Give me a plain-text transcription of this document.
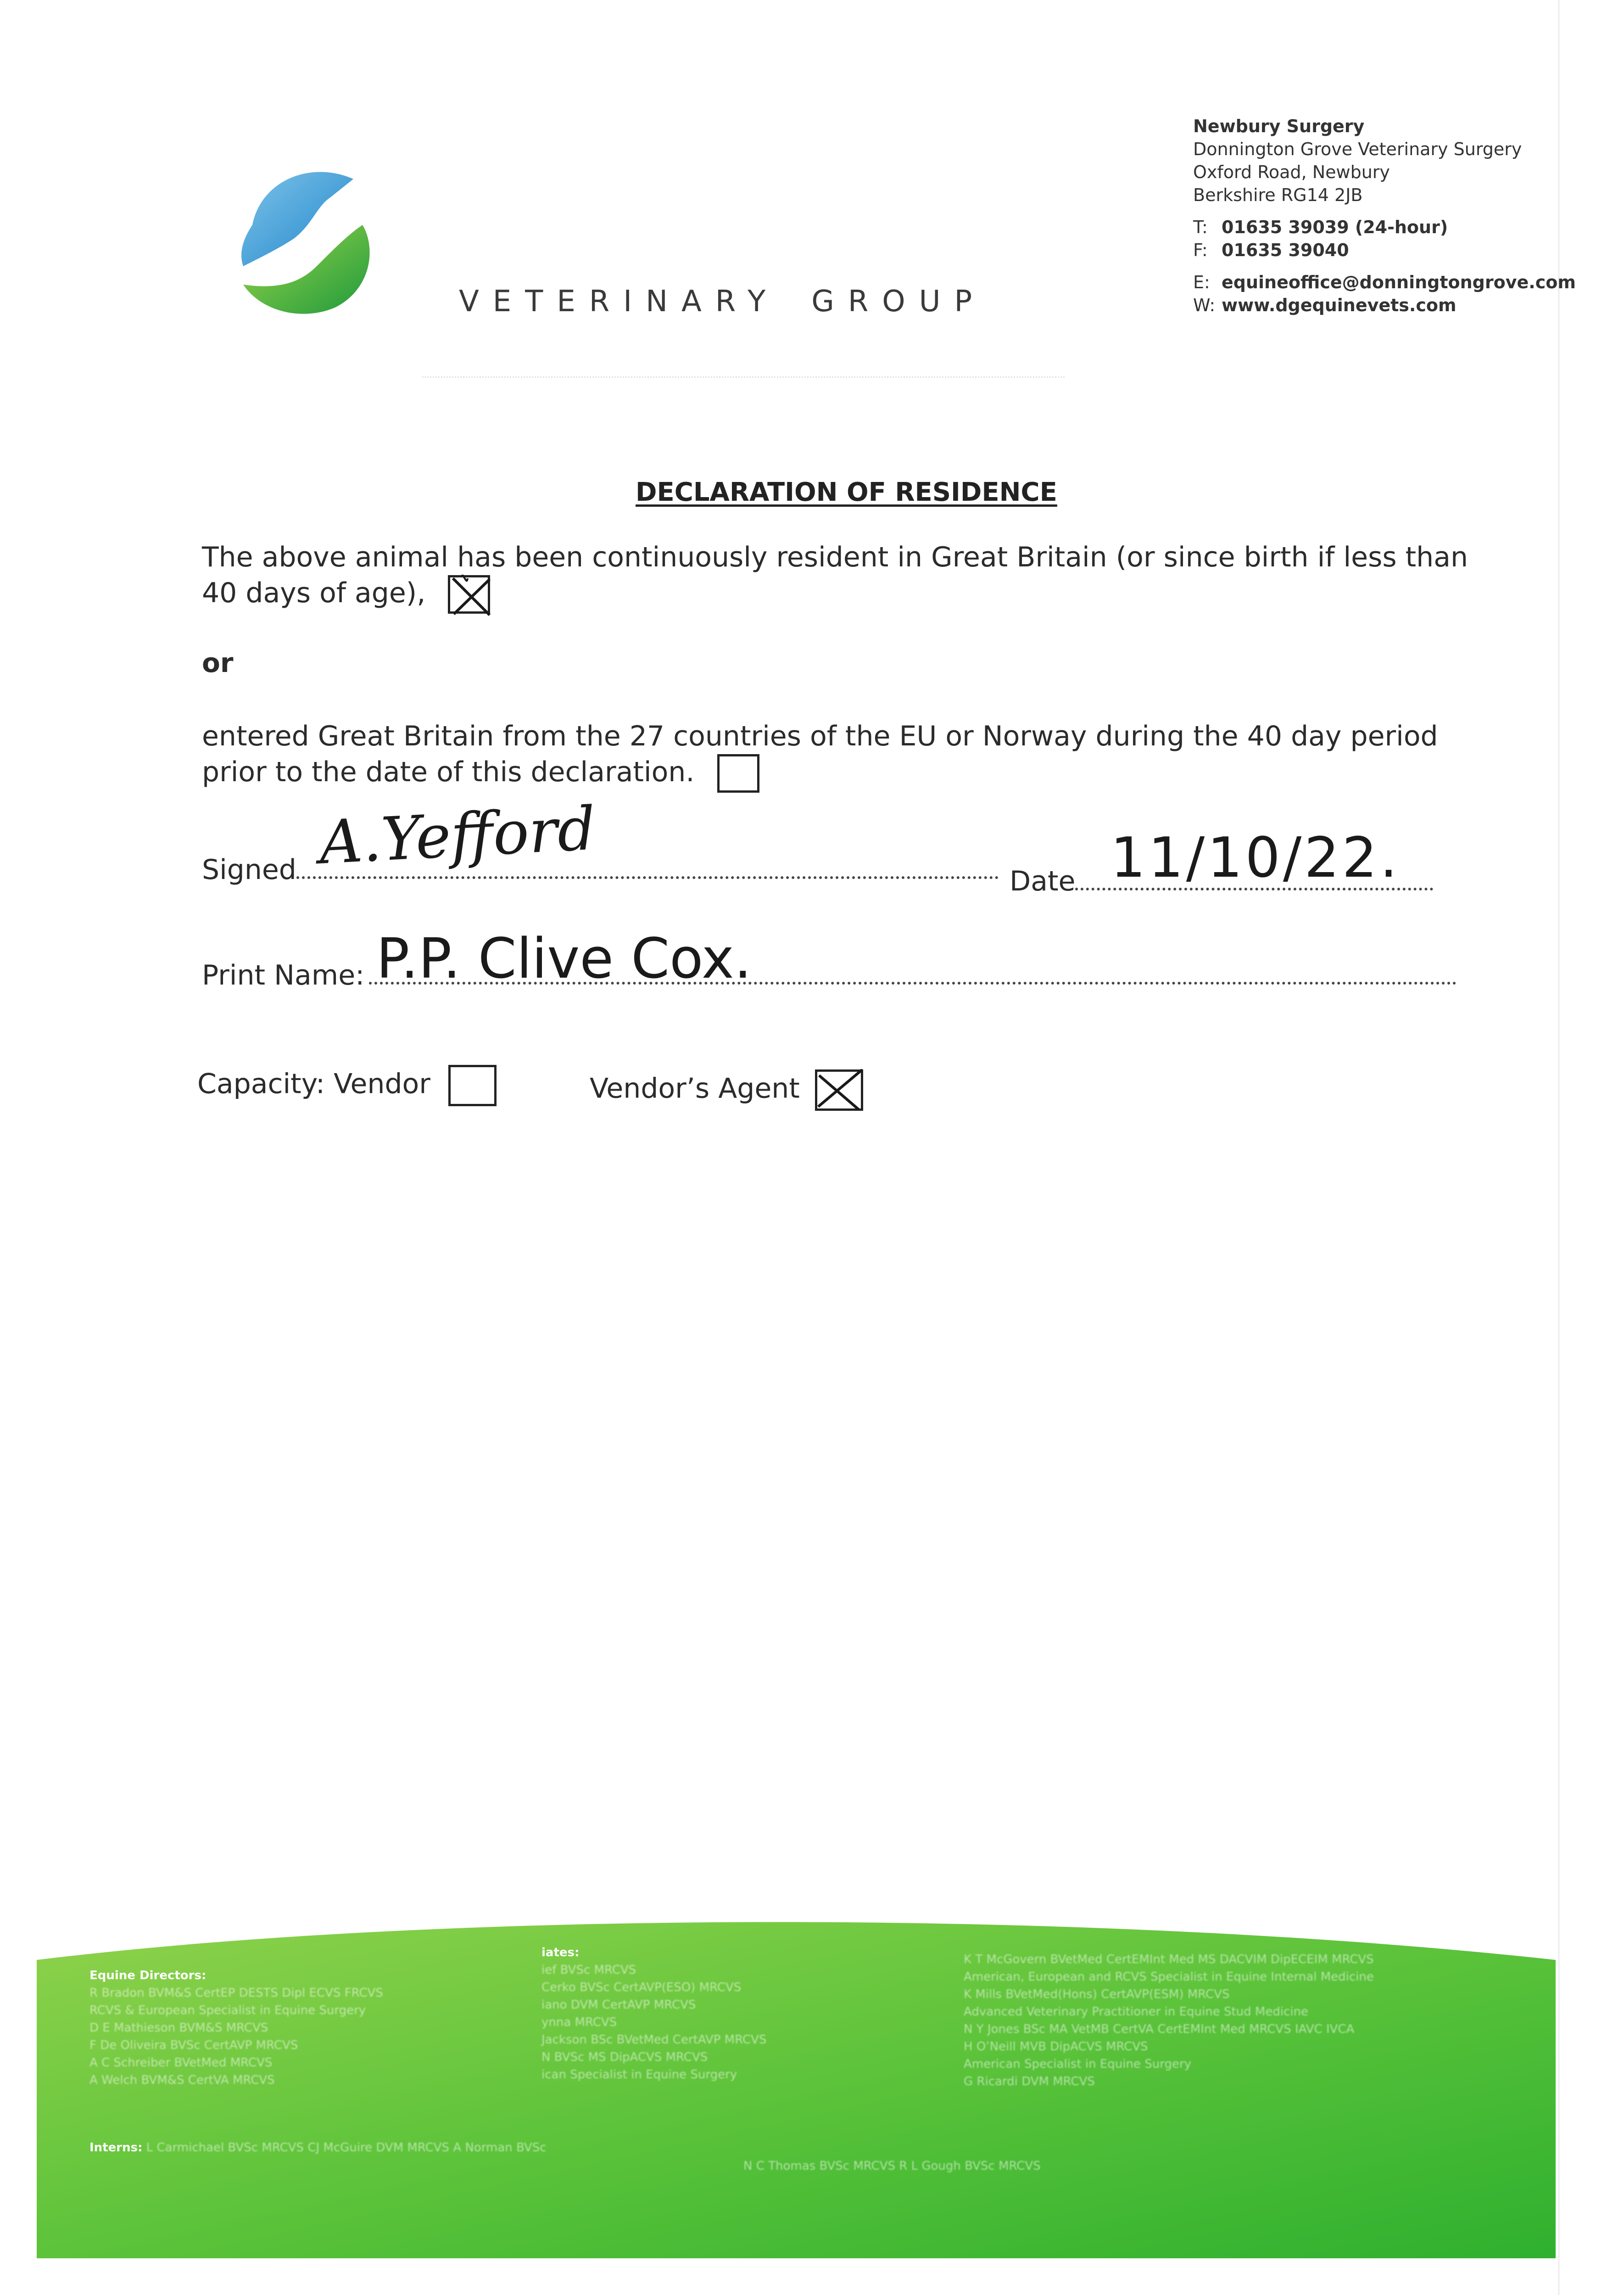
VETERINARY GROUP
Newbury Surgery
Donnington Grove Veterinary Surgery
Oxford Road, Newbury
Berkshire RG14 2JB
T: 01635 39039 (24-hour)
F: 01635 39040
E: equineoffice@donningtongrove.com
W: www.dgequinevets.com
DECLARATION OF RESIDENCE
The above animal has been continuously resident in Great Britain (or since birth if less than 40 days of age),
or
entered Great Britain from the 27 countries of the EU or Norway during the 40 day period prior to the date of this declaration.
Signed A.Yefford
Date 11/10/22.
Print Name: P.P. Clive Cox.
Capacity: Vendor	Vendor’s Agent
Equine Directors:
R Bradon BVM&S CertEP DESTS Dipl ECVS FRCVS
RCVS & European Specialist in Equine Surgery
D E Mathieson BVM&S MRCVS
F De Oliveira BVSc CertAVP MRCVS
A C Schreiber BVetMed MRCVS
A Welch BVM&S CertVA MRCVS
iates:
ief BVSc MRCVS
Cerko BVSc CertAVP(ESO) MRCVS
iano DVM CertAVP MRCVS
ynna MRCVS
Jackson BSc BVetMed CertAVP MRCVS
N BVSc MS DipACVS MRCVS
ican Specialist in Equine Surgery
K T McGovern BVetMed CertEMInt Med MS DACVIM DipECEIM MRCVS
American, European and RCVS Specialist in Equine Internal Medicine
K Mills BVetMed(Hons) CertAVP(ESM) MRCVS
Advanced Veterinary Practitioner in Equine Stud Medicine
N Y Jones BSc MA VetMB CertVA CertEMInt Med MRCVS IAVC IVCA
H O’Neill MVB DipACVS MRCVS
American Specialist in Equine Surgery
G Ricardi DVM MRCVS
Interns: L Carmichael BVSc MRCVS CJ McGuire DVM MRCVS A Norman BVSc
N C Thomas BVSc MRCVS R L Gough BVSc MRCVS
